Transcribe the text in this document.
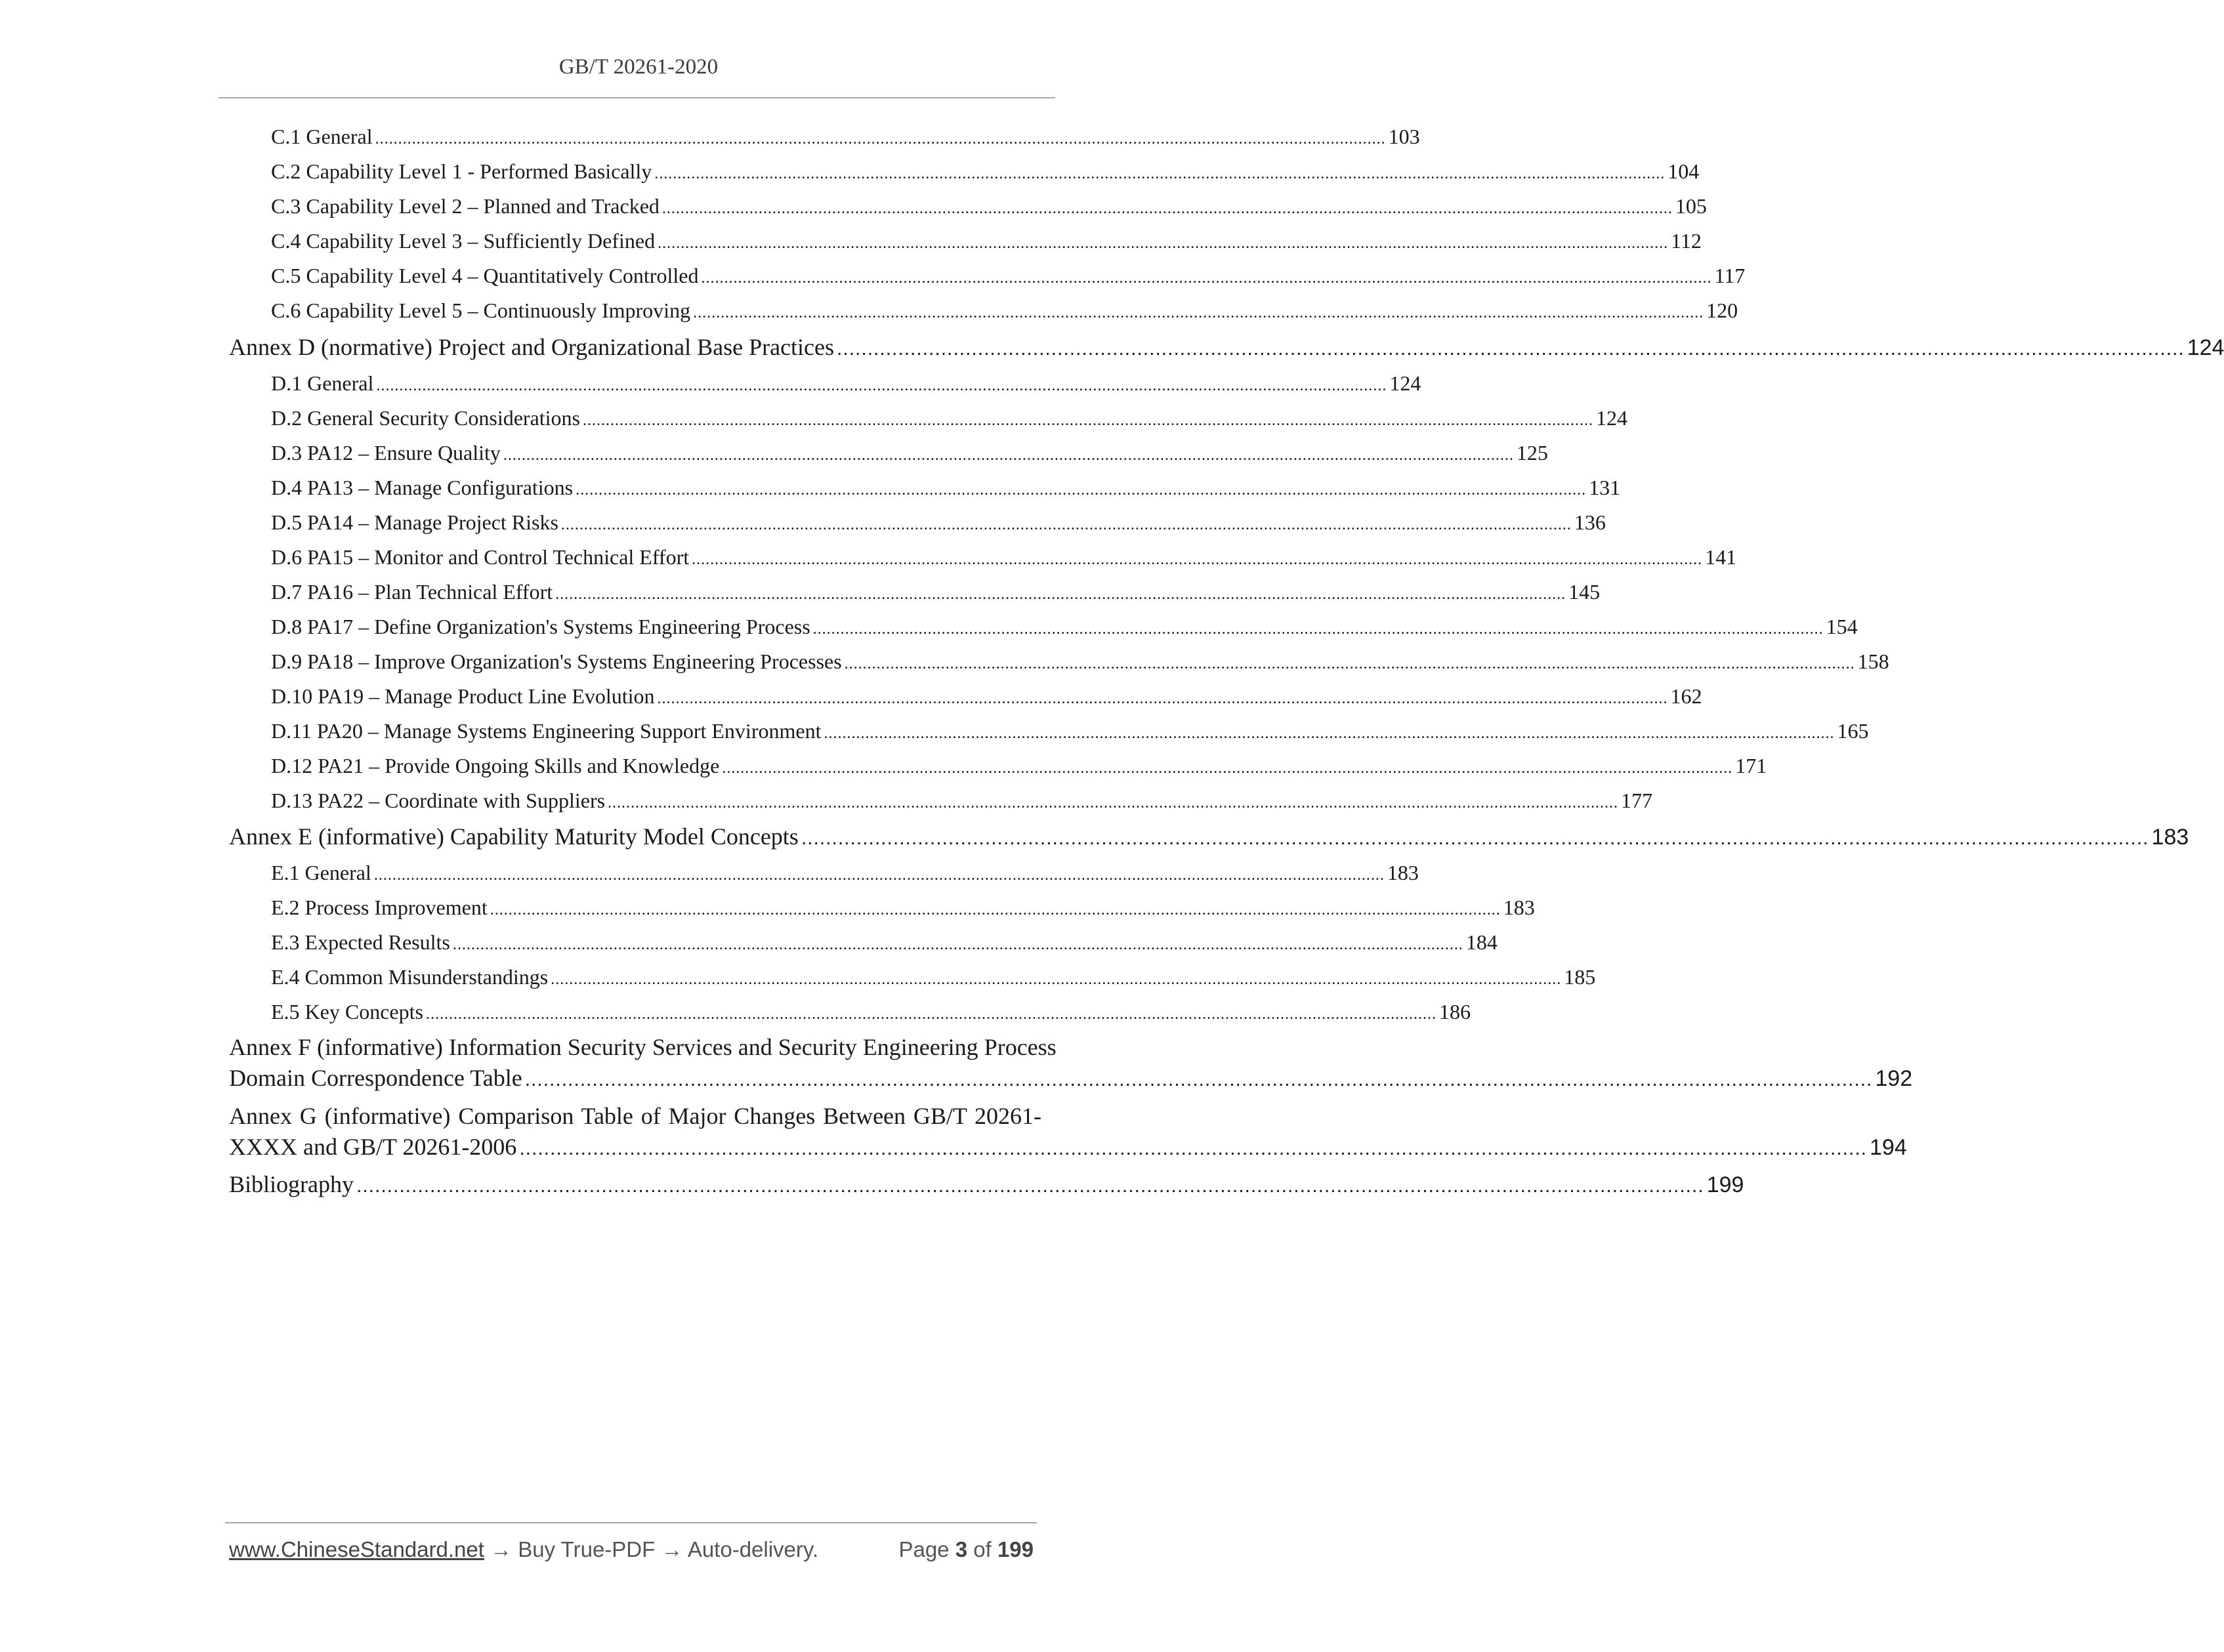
GB/T 20261-2020
C.1 General ............................................................................................................................................................................................................................ 103
C.2 Capability Level 1 - Performed Basically ............................................................................................................................................................................................................................ 104
C.3 Capability Level 2 – Planned and Tracked ............................................................................................................................................................................................................................ 105
C.4 Capability Level 3 – Sufficiently Defined ............................................................................................................................................................................................................................ 112
C.5 Capability Level 4 – Quantitatively Controlled ............................................................................................................................................................................................................................ 117
C.6 Capability Level 5 – Continuously Improving ............................................................................................................................................................................................................................ 120
Annex D (normative) Project and Organizational Base Practices ............................................................................................................................................................................................................................ 124
D.1 General ............................................................................................................................................................................................................................ 124
D.2 General Security Considerations ............................................................................................................................................................................................................................ 124
D.3 PA12 – Ensure Quality ............................................................................................................................................................................................................................ 125
D.4 PA13 – Manage Configurations ............................................................................................................................................................................................................................ 131
D.5 PA14 – Manage Project Risks ............................................................................................................................................................................................................................ 136
D.6 PA15 – Monitor and Control Technical Effort ............................................................................................................................................................................................................................ 141
D.7 PA16 – Plan Technical Effort ............................................................................................................................................................................................................................ 145
D.8 PA17 – Define Organization's Systems Engineering Process ............................................................................................................................................................................................................................ 154
D.9 PA18 – Improve Organization's Systems Engineering Processes ............................................................................................................................................................................................................................ 158
D.10 PA19 – Manage Product Line Evolution ............................................................................................................................................................................................................................ 162
D.11 PA20 – Manage Systems Engineering Support Environment ............................................................................................................................................................................................................................ 165
D.12 PA21 – Provide Ongoing Skills and Knowledge ............................................................................................................................................................................................................................ 171
D.13 PA22 – Coordinate with Suppliers ............................................................................................................................................................................................................................ 177
Annex E (informative) Capability Maturity Model Concepts ............................................................................................................................................................................................................................ 183
E.1 General ............................................................................................................................................................................................................................ 183
E.2 Process Improvement ............................................................................................................................................................................................................................ 183
E.3 Expected Results ............................................................................................................................................................................................................................ 184
E.4 Common Misunderstandings ............................................................................................................................................................................................................................ 185
E.5 Key Concepts ............................................................................................................................................................................................................................ 186
Annex F (informative) Information Security Services and Security Engineering Process
Domain Correspondence Table ............................................................................................................................................................................................................................ 192
Annex G (informative) Comparison Table of Major Changes Between GB/T 20261-
XXXX and GB/T 20261-2006 ............................................................................................................................................................................................................................ 194
Bibliography ............................................................................................................................................................................................................................ 199
www.ChineseStandard.net → Buy True-PDF → Auto-delivery.	Page 3 of 199
